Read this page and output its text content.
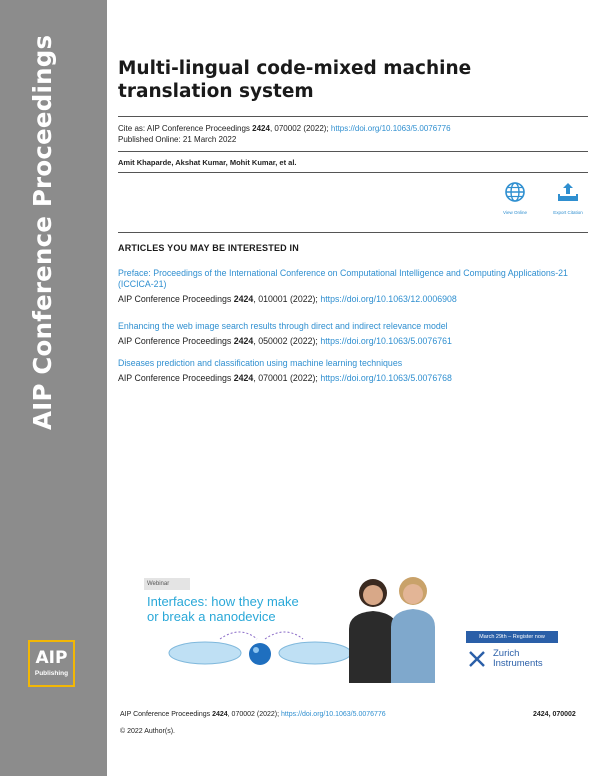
AIP Conference Proceedings
AIP
Publishing
Multi-lingual code-mixed machine translation system
Cite as: AIP Conference Proceedings 2424, 070002 (2022); https://doi.org/10.1063/5.0076776
Published Online: 21 March 2022
Amit Khaparde, Akshat Kumar, Mohit Kumar, et al.
View Online	Export Citation
ARTICLES YOU MAY BE INTERESTED IN
Preface: Proceedings of the International Conference on Computational Intelligence and Computing Applications-21 (ICCICA-21)
AIP Conference Proceedings 2424, 010001 (2022); https://doi.org/10.1063/12.0006908
Enhancing the web image search results through direct and indirect relevance model
AIP Conference Proceedings 2424, 050002 (2022); https://doi.org/10.1063/5.0076761
Diseases prediction and classification using machine learning techniques
AIP Conference Proceedings 2424, 070001 (2022); https://doi.org/10.1063/5.0076768
Webinar
Interfaces: how they make
or break a nanodevice
March 29th – Register now
Zurich
Instruments
AIP Conference Proceedings 2424, 070002 (2022); https://doi.org/10.1063/5.0076776	2424, 070002
© 2022 Author(s).
